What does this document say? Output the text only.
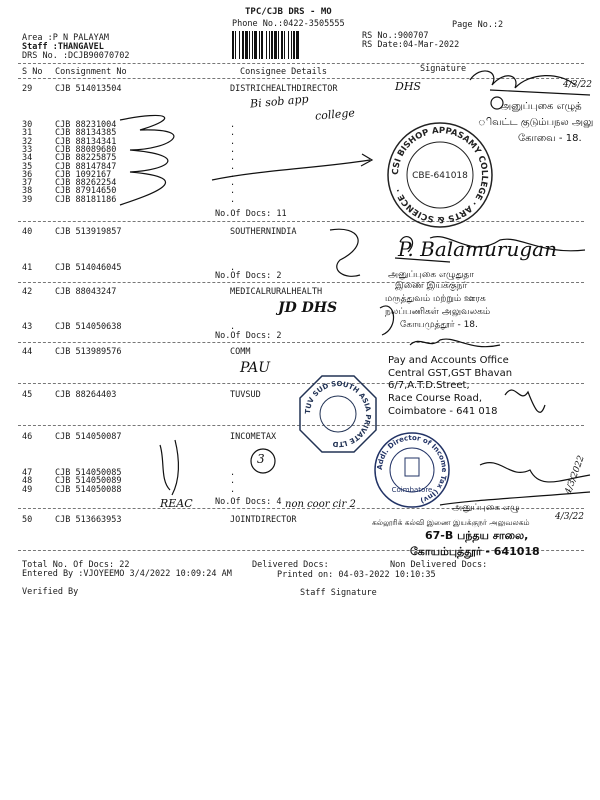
TPC/CJB DRS - MO
Phone No.:0422-3505555	Page No.:2
Area :P N PALAYAM
Staff :THANGAVEL
DRS No. :DCJB90070702
RS No.:900707
RS Date:04-Mar-2022
S No Consignment No	Consignee Details	Signature
29	CJB 514013504	DISTRICHEALTHDIRECTOR
30	CJB 88231004	.
31	CJB 88134385	.
32	CJB 88134341	.
33	CJB 88089680	.
34	CJB 88225875	.
35	CJB 88147847	.
36	CJB 1092167	.
37	CJB 88262254	.
38	CJB 87914650	.
39	CJB 88181186	.
40	CJB 513919857	SOUTHERNINDIA
41	CJB 514046045	.
42	CJB 88043247	MEDICALRURALHEALTH
43	CJB 514050638	.
44	CJB 513989576	COMM
45	CJB 88264403	TUVSUD
46	CJB 514050087	INCOMETAX
47	CJB 514050085	.
48	CJB 514050089	.
49	CJB 514050088	.
50	CJB 513663953	JOINTDIRECTOR
No.Of Docs: 11
No.Of Docs: 2
No.Of Docs: 2
No.Of Docs: 4
Total No. Of Docs: 22	Delivered Docs:	Non Delivered Docs:
Entered By :VJOYEEMO 3/4/2022 10:09:24 AM	Printed on: 04-03-2022 10:10:35
Verified By	Staff Signature
Bi sob app
college
DHS	4/3/22
P. Balamurugan
JD DHS
PAU
3
REAC	non coor cir 2
4/3/2022
4/3/22
CSI BISHOP APPASAMY COLLEGE · ARTS & SCIENCE ·
CBE-641018
அனுப்புகை எழுத்
ிவட்ட குடும்பநல அலு
கோவை - 18.
அனுப்புகை எழுதுதா
இணை இயக்குநர்
மருத்துவம் மற்றும் ஊரக
நலப்பணிகள் அலுவலகம்
கோயமுத்தூர் - 18.
Pay and Accounts Office
Central GST,GST Bhavan
6/7,A.T.D.Street,
Race Course Road,
Coimbatore - 641 018
TUV SUD SOUTH ASIA PRIVATE LTD
Addl. Director of Income Tax (Inv)
Coimbatore
அனுப்புகை எழு
கல்லூரிக் கல்வி இணை இயக்குநர் அலுவலகம்
67-B பந்தய சாலை,
கோயம்புத்தூர் - 641018
